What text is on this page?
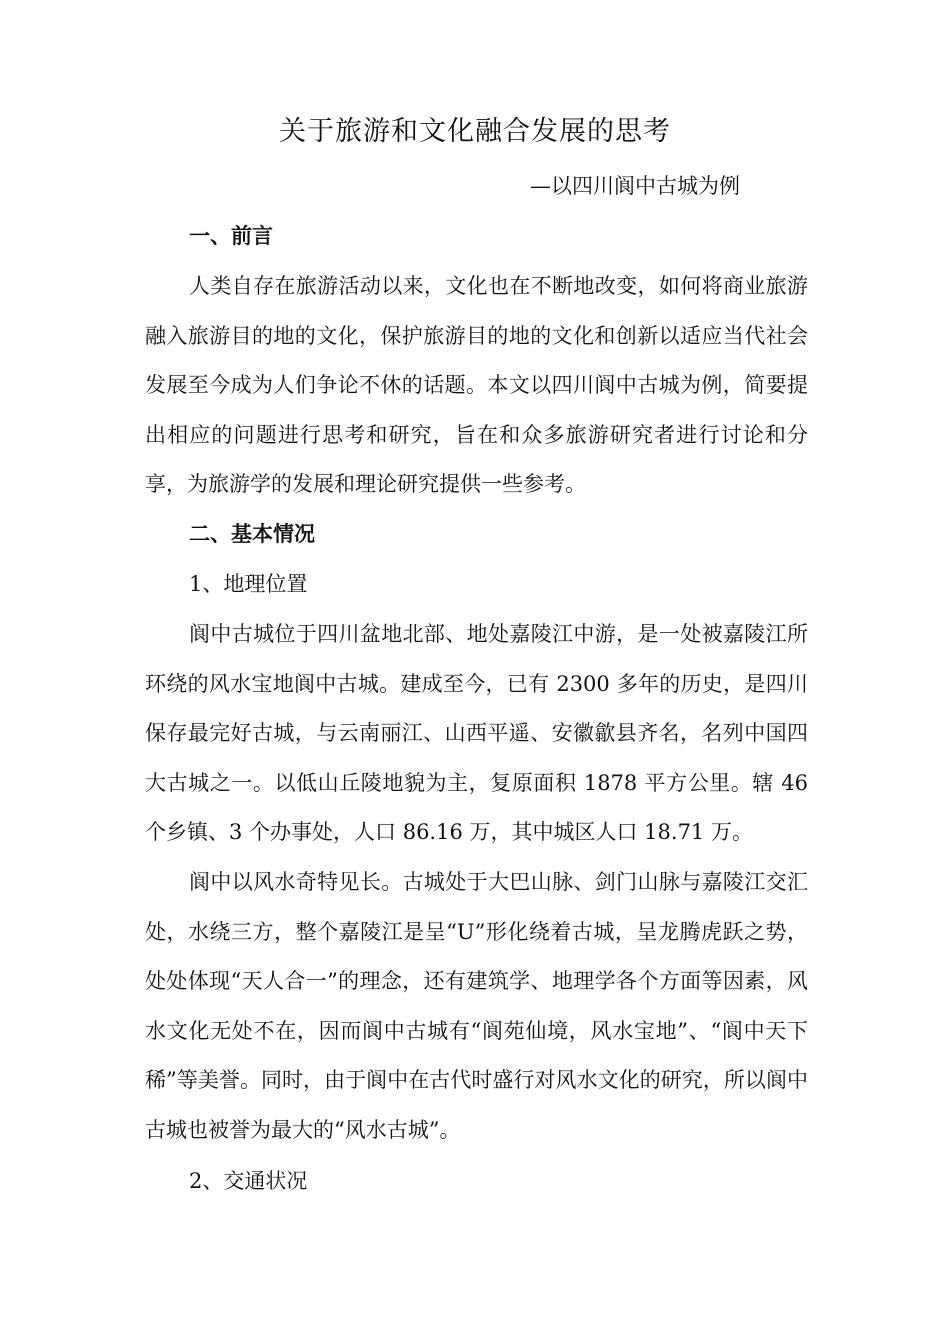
关于旅游和文化融合发展的思考
—以四川阆中古城为例
一、前言

人类自存在旅游活动以来，文化也在不断地改变，如何将商业旅游融入旅游目的地的文化，保护旅游目的地的文化和创新以适应当代社会发展至今成为人们争论不休的话题。本文以四川阆中古城为例，简要提出相应的问题进行思考和研究，旨在和众多旅游研究者进行讨论和分享，为旅游学的发展和理论研究提供一些参考。

二、基本情况
1、地理位置

阆中古城位于四川盆地北部、地处嘉陵江中游，是一处被嘉陵江所环绕的风水宝地阆中古城。建成至今，已有 2300 多年的历史，是四川保存最完好古城，与云南丽江、山西平遥、安徽歙县齐名，名列中国四大古城之一。以低山丘陵地貌为主，复原面积 1878 平方公里。辖 46 个乡镇、3 个办事处，人口 86.16 万，其中城区人口 18.71 万。

阆中以风水奇特见长。古城处于大巴山脉、剑门山脉与嘉陵江交汇处，水绕三方，整个嘉陵江是呈“U”形化绕着古城，呈龙腾虎跃之势，处处体现“天人合一”的理念，还有建筑学、地理学各个方面等因素，风水文化无处不在，因而阆中古城有“阆苑仙境，风水宝地”、“阆中天下稀”等美誉。同时，由于阆中在古代时盛行对风水文化的研究，所以阆中古城也被誉为最大的“风水古城”。

2、交通状况
